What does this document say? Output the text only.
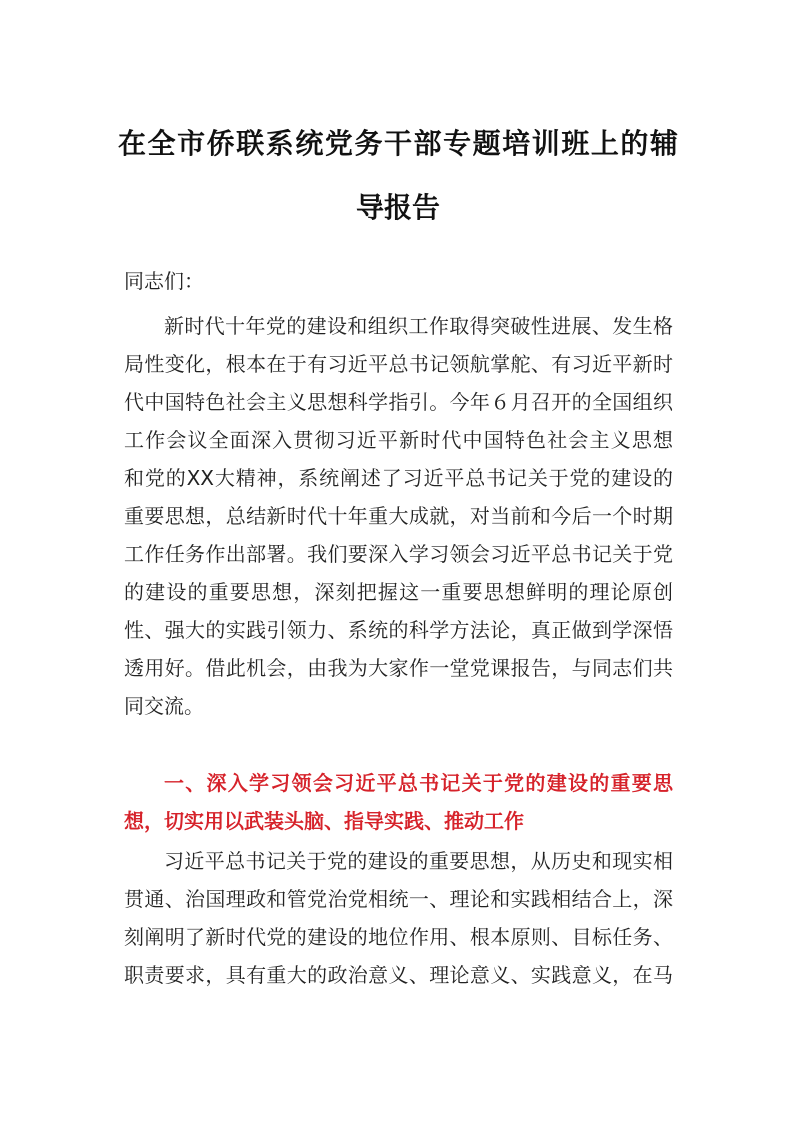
在全市侨联系统党务干部专题培训班上的辅
导报告
同志们：
新时代十年党的建设和组织工作取得突破性进展、发生格
局性变化，根本在于有习近平总书记领航掌舵、有习近平新时
代中国特色社会主义思想科学指引。今年６月召开的全国组织
工作会议全面深入贯彻习近平新时代中国特色社会主义思想
和党的XX大精神，系统阐述了习近平总书记关于党的建设的
重要思想，总结新时代十年重大成就，对当前和今后一个时期
工作任务作出部署。我们要深入学习领会习近平总书记关于党
的建设的重要思想，深刻把握这一重要思想鲜明的理论原创
性、强大的实践引领力、系统的科学方法论，真正做到学深悟
透用好。借此机会，由我为大家作一堂党课报告，与同志们共
同交流。
一、深入学习领会习近平总书记关于党的建设的重要思
想，切实用以武装头脑、指导实践、推动工作
习近平总书记关于党的建设的重要思想，从历史和现实相
贯通、治国理政和管党治党相统一、理论和实践相结合上，深
刻阐明了新时代党的建设的地位作用、根本原则、目标任务、
职责要求，具有重大的政治意义、理论意义、实践意义，在马
